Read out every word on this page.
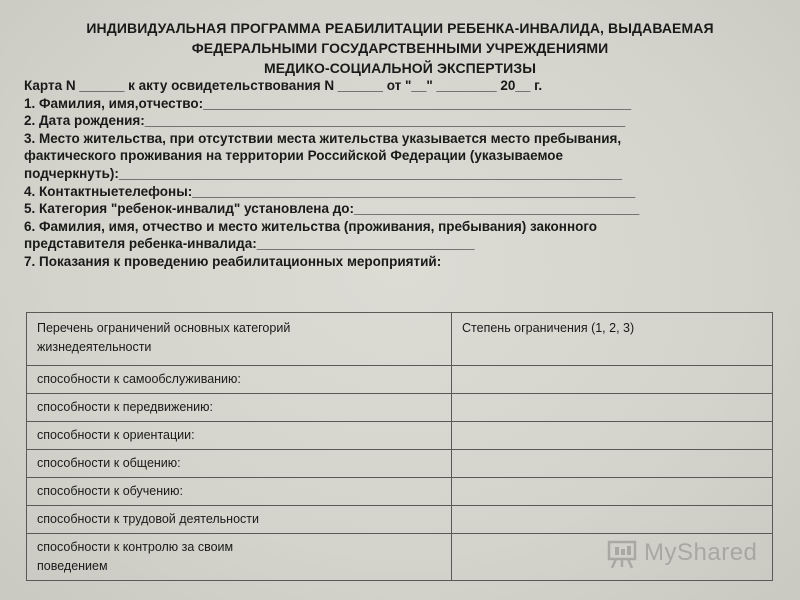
ИНДИВИДУАЛЬНАЯ ПРОГРАММА РЕАБИЛИТАЦИИ РЕБЕНКА-ИНВАЛИДА, ВЫДАВАЕМАЯ
ФЕДЕРАЛЬНЫМИ ГОСУДАРСТВЕННЫМИ УЧРЕЖДЕНИЯМИ
МЕДИКО-СОЦИАЛЬНОЙ ЭКСПЕРТИЗЫ
Карта N ______ к акту освидетельствования N ______ от "__" ________ 20__ г.
1. Фамилия, имя,отчество:_________________________________________________________
2. Дата рождения:________________________________________________________________
3. Место жительства, при отсутствии места жительства указывается место пребывания,
фактического проживания на территории Российской Федерации (указываемое
подчеркнуть):___________________________________________________________________
4. Контактныетелефоны:___________________________________________________________
5. Категория "ребенок-инвалид" установлена до:______________________________________
6. Фамилия, имя, отчество и место жительства (проживания, пребывания) законного
представителя ребенка-инвалида:_____________________________
7. Показания к проведению реабилитационных мероприятий:
Перечень ограничений основных категорий
жизнедеятельности	Степень ограничения (1, 2, 3)

способности к самообслуживанию:	
способности к передвижению:	
способности к ориентации:	
способности к общению:	
способности к обучению:	
способности к трудовой деятельности	

способности к контролю за своим
поведением	
		MyShared
